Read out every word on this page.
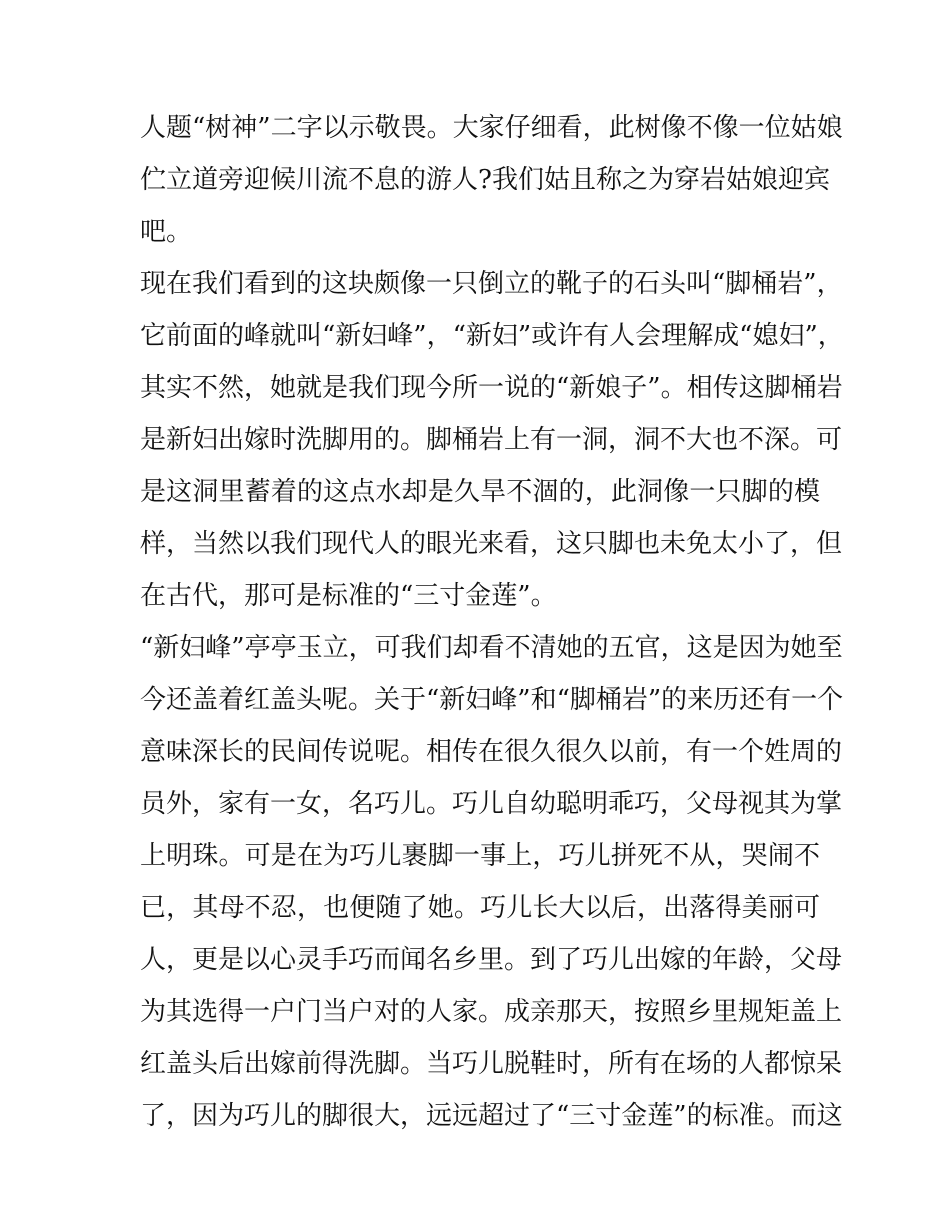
人题“树神”二字以示敬畏。大家仔细看，此树像不像一位姑娘
伫立道旁迎候川流不息的游人?我们姑且称之为穿岩姑娘迎宾
吧。
现在我们看到的这块颇像一只倒立的靴子的石头叫“脚桶岩”，
它前面的峰就叫“新妇峰”，“新妇”或许有人会理解成“媳妇”，
其实不然，她就是我们现今所一说的“新娘子”。相传这脚桶岩
是新妇出嫁时洗脚用的。脚桶岩上有一洞，洞不大也不深。可
是这洞里蓄着的这点水却是久旱不涸的，此洞像一只脚的模
样，当然以我们现代人的眼光来看，这只脚也未免太小了，但
在古代，那可是标准的“三寸金莲”。
“新妇峰”亭亭玉立，可我们却看不清她的五官，这是因为她至
今还盖着红盖头呢。关于“新妇峰”和“脚桶岩”的来历还有一个
意味深长的民间传说呢。相传在很久很久以前，有一个姓周的
员外，家有一女，名巧儿。巧儿自幼聪明乖巧，父母视其为掌
上明珠。可是在为巧儿裹脚一事上，巧儿拼死不从，哭闹不
已，其母不忍，也便随了她。巧儿长大以后，出落得美丽可
人，更是以心灵手巧而闻名乡里。到了巧儿出嫁的年龄，父母
为其选得一户门当户对的人家。成亲那天，按照乡里规矩盖上
红盖头后出嫁前得洗脚。当巧儿脱鞋时，所有在场的人都惊呆
了，因为巧儿的脚很大，远远超过了“三寸金莲”的标准。而这
